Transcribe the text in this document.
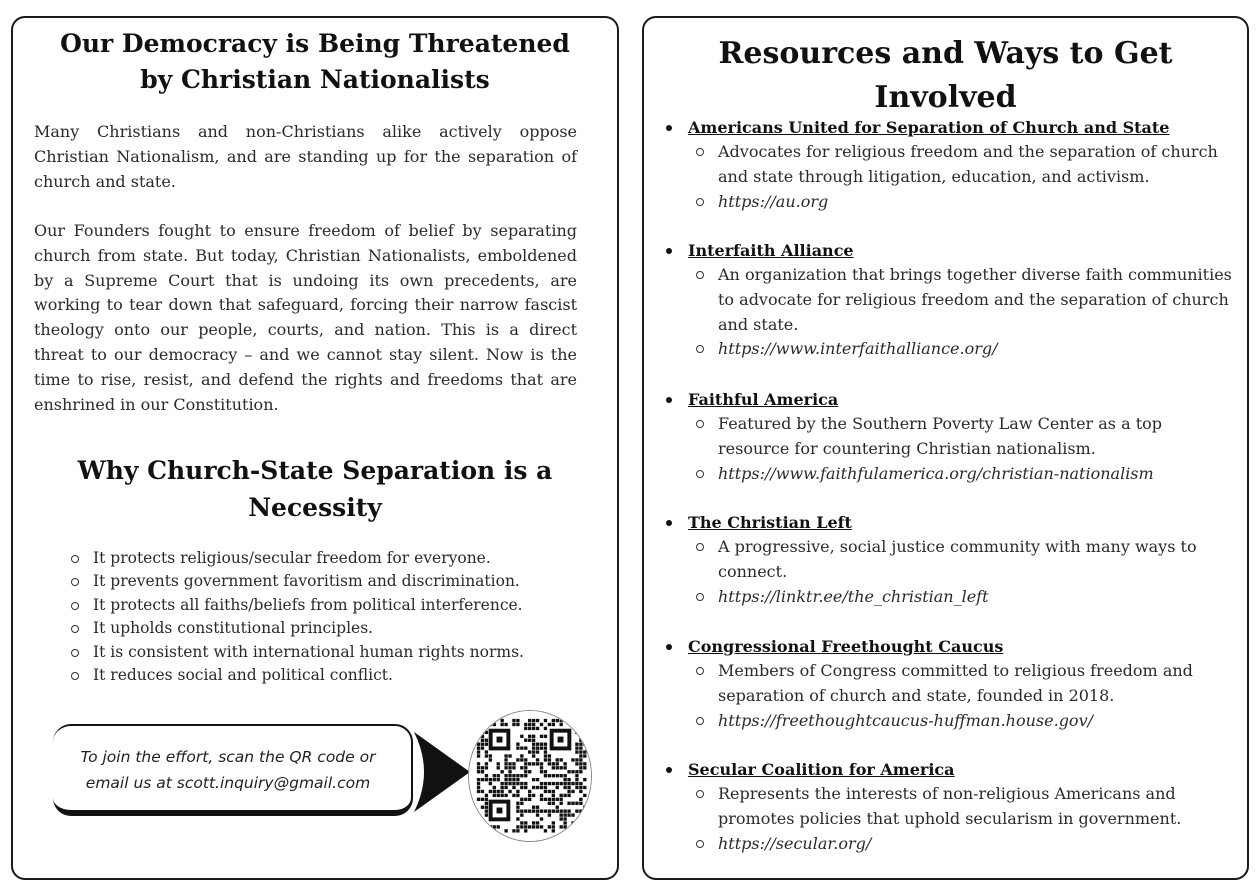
Our Democracy is Being Threatened
by Christian Nationalists

Many Christians and non-Christians alike actively oppose Christian Nationalism, and are standing up for the separation of church and state.

Our Founders fought to ensure freedom of belief by separating church from state. But today, Christian Nationalists, emboldened by a Supreme Court that is undoing its own precedents, are working to tear down that safeguard, forcing their narrow fascist theology onto our people, courts, and nation. This is a direct threat to our democracy – and we cannot stay silent. Now is the time to rise, resist, and defend the rights and freedoms that are enshrined in our Constitution.

Why Church-State Separation is a
Necessity
It protects religious/secular freedom for everyone.
It prevents government favoritism and discrimination.
It protects all faiths/beliefs from political interference.
It upholds constitutional principles.
It is consistent with international human rights norms.
It reduces social and political conflict.
To join the effort, scan the QR code or
email us at scott.inquiry@gmail.com
Resources and Ways to Get Involved
Americans United for Separation of Church and State
Advocates for religious freedom and the separation of church and state through litigation, education, and activism.
https://au.org
Interfaith Alliance
An organization that brings together diverse faith communities to advocate for religious freedom and the separation of church and state.
https://www.interfaithalliance.org/
Faithful America
Featured by the Southern Poverty Law Center as a top resource for countering Christian nationalism.
https://www.faithfulamerica.org/christian-nationalism
The Christian Left
A progressive, social justice community with many ways to connect.
https://linktr.ee/the_christian_left
Congressional Freethought Caucus
Members of Congress committed to religious freedom and separation of church and state, founded in 2018.
https://freethoughtcaucus-huffman.house.gov/
Secular Coalition for America
Represents the interests of non-religious Americans and promotes policies that uphold secularism in government.
https://secular.org/
